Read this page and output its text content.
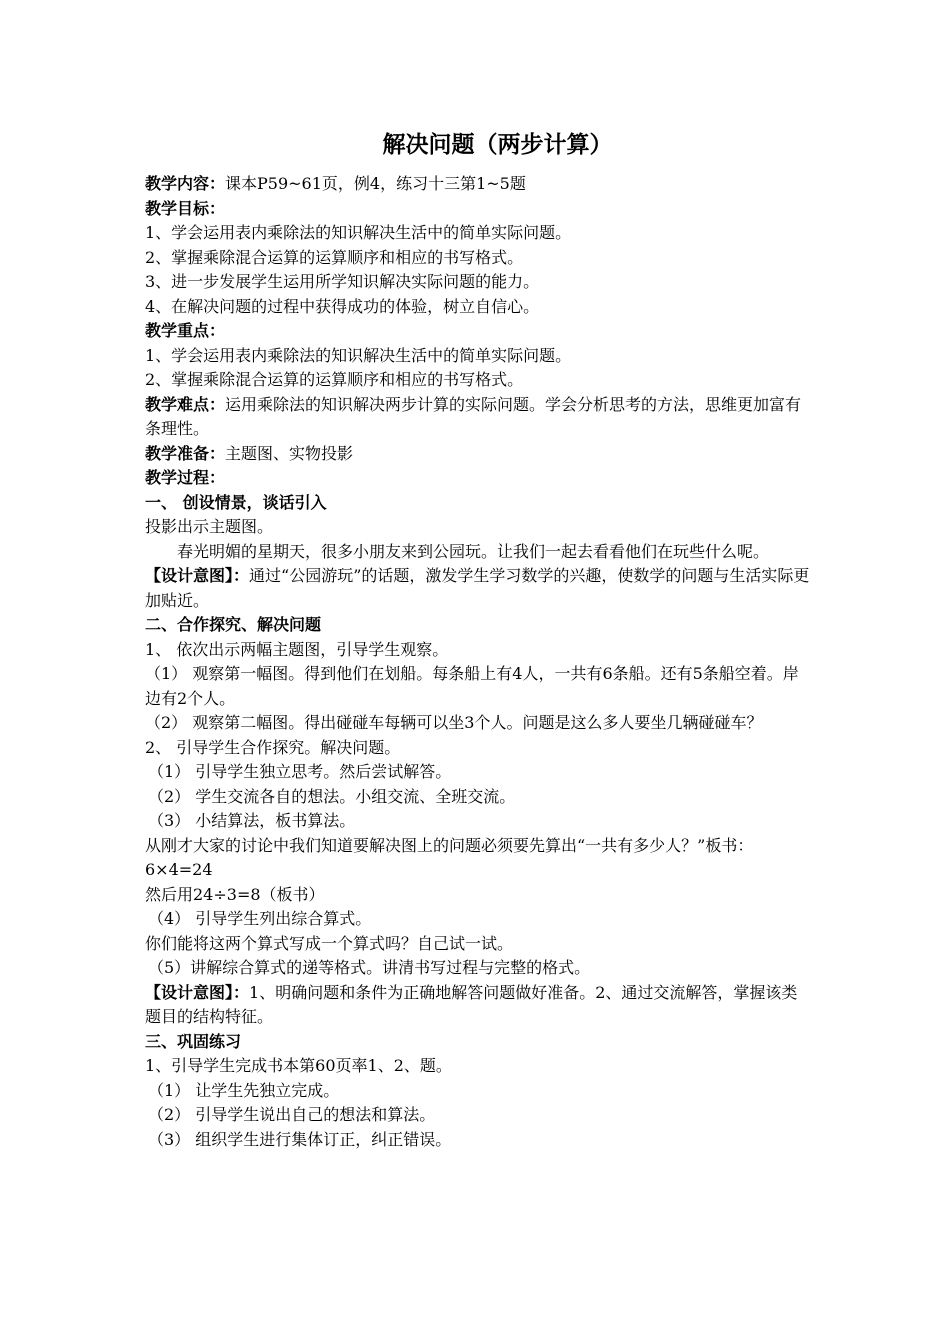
解决问题（两步计算）

教学内容：课本P59~61页，例4，练习十三第1~5题

教学目标：

1、学会运用表内乘除法的知识解决生活中的简单实际问题。

2、掌握乘除混合运算的运算顺序和相应的书写格式。

3、进一步发展学生运用所学知识解决实际问题的能力。

4、在解决问题的过程中获得成功的体验，树立自信心。

教学重点：

1、学会运用表内乘除法的知识解决生活中的简单实际问题。

2、掌握乘除混合运算的运算顺序和相应的书写格式。

教学难点：运用乘除法的知识解决两步计算的实际问题。学会分析思考的方法，思维更加富有条理性。

教学准备：主题图、实物投影

教学过程：

一、 创设情景，谈话引入

投影出示主题图。

春光明媚的星期天，很多小朋友来到公园玩。让我们一起去看看他们在玩些什么呢。

【设计意图】：通过“公园游玩”的话题，激发学生学习数学的兴趣，使数学的问题与生活实际更加贴近。

二、合作探究、解决问题

1、 依次出示两幅主题图，引导学生观察。

（1） 观察第一幅图。得到他们在划船。每条船上有4人，一共有6条船。还有5条船空着。岸边有2个人。

（2） 观察第二幅图。得出碰碰车每辆可以坐3个人。问题是这么多人要坐几辆碰碰车？

2、 引导学生合作探究。解决问题。

（1） 引导学生独立思考。然后尝试解答。

（2） 学生交流各自的想法。小组交流、全班交流。

（3） 小结算法，板书算法。

从刚才大家的讨论中我们知道要解决图上的问题必须要先算出“一共有多少人？”板书：6×4=24

然后用24÷3=8（板书）

（4） 引导学生列出综合算式。

你们能将这两个算式写成一个算式吗？自己试一试。

（5）讲解综合算式的递等格式。讲清书写过程与完整的格式。

【设计意图】：1、明确问题和条件为正确地解答问题做好准备。2、通过交流解答，掌握该类题目的结构特征。

三、巩固练习

1、引导学生完成书本第60页率1、2、题。

（1） 让学生先独立完成。

（2） 引导学生说出自己的想法和算法。

（3） 组织学生进行集体订正，纠正错误。
